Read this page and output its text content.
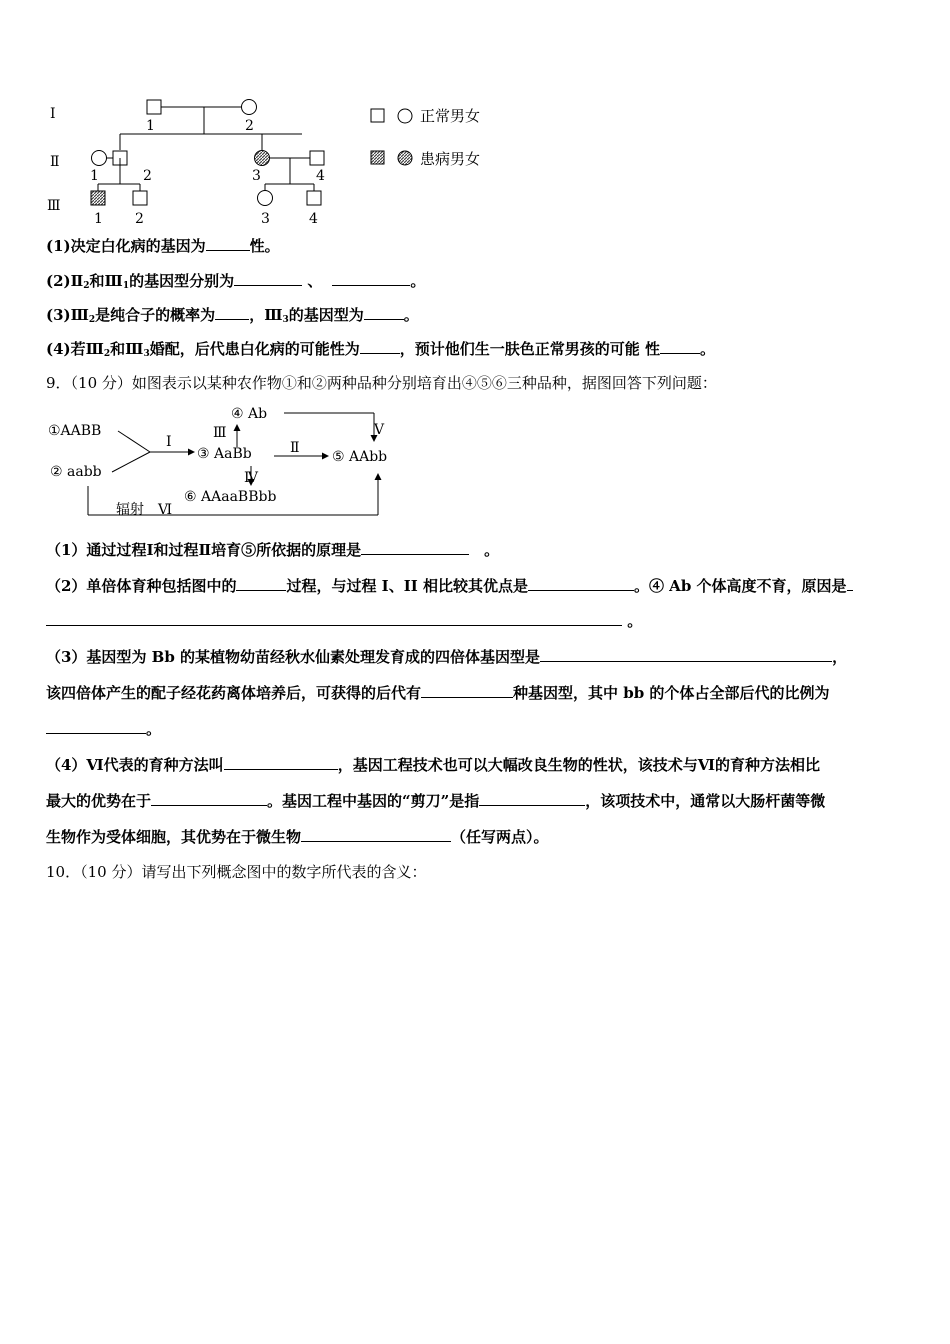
Ⅰ
Ⅱ
Ⅲ
1	2
1	2	3	4
1 2	3	4
正常男女
患病男女
(1)决定白化病的基因为	性。
$(2)Ⅱ_2$和$Ⅲ_1$的基因型分别为	、	。
$(3)Ⅲ_2$是纯合子的概率为 ，$Ⅲ_3$的基因型为	。
(4)若$Ⅲ_2$和$Ⅲ_3$婚配，后代患白化病的可能性为	，预计他们生一肤色正常男孩的可能 性	。
9．（10 分）如图表示以某种农作物①和②两种品种分别培育出④⑤⑥三种品种，据图回答下列问题：
①AABB
② aabb
③ AaBb
④ Ab
⑤ AAbb
⑥ AAaaBBbb
Ⅰ	Ⅱ
Ⅲ
Ⅳ
Ⅴ
辐射　Ⅵ
（1）通过过程Ⅰ和过程Ⅱ培育⑤所依据的原理是	　。
（2）单倍体育种包括图中的	过程，与过程 I、II 相比较其优点是	。④ Ab 个体高度不育，原因是
。
（3）基因型为 Bb 的某植物幼苗经秋水仙素处理发育成的四倍体基因型是	，
该四倍体产生的配子经花药离体培养后，可获得的后代有	种基因型，其中 bb 的个体占全部后代的比例为
。
（4）Ⅵ代表的育种方法叫	，基因工程技术也可以大幅改良生物的性状，该技术与Ⅵ的育种方法相比
最大的优势在于	。基因工程中基因的“剪刀”是指	，该项技术中，通常以大肠杆菌等微
生物作为受体细胞，其优势在于微生物	（任写两点）。
10．（10 分）请写出下列概念图中的数字所代表的含义：
